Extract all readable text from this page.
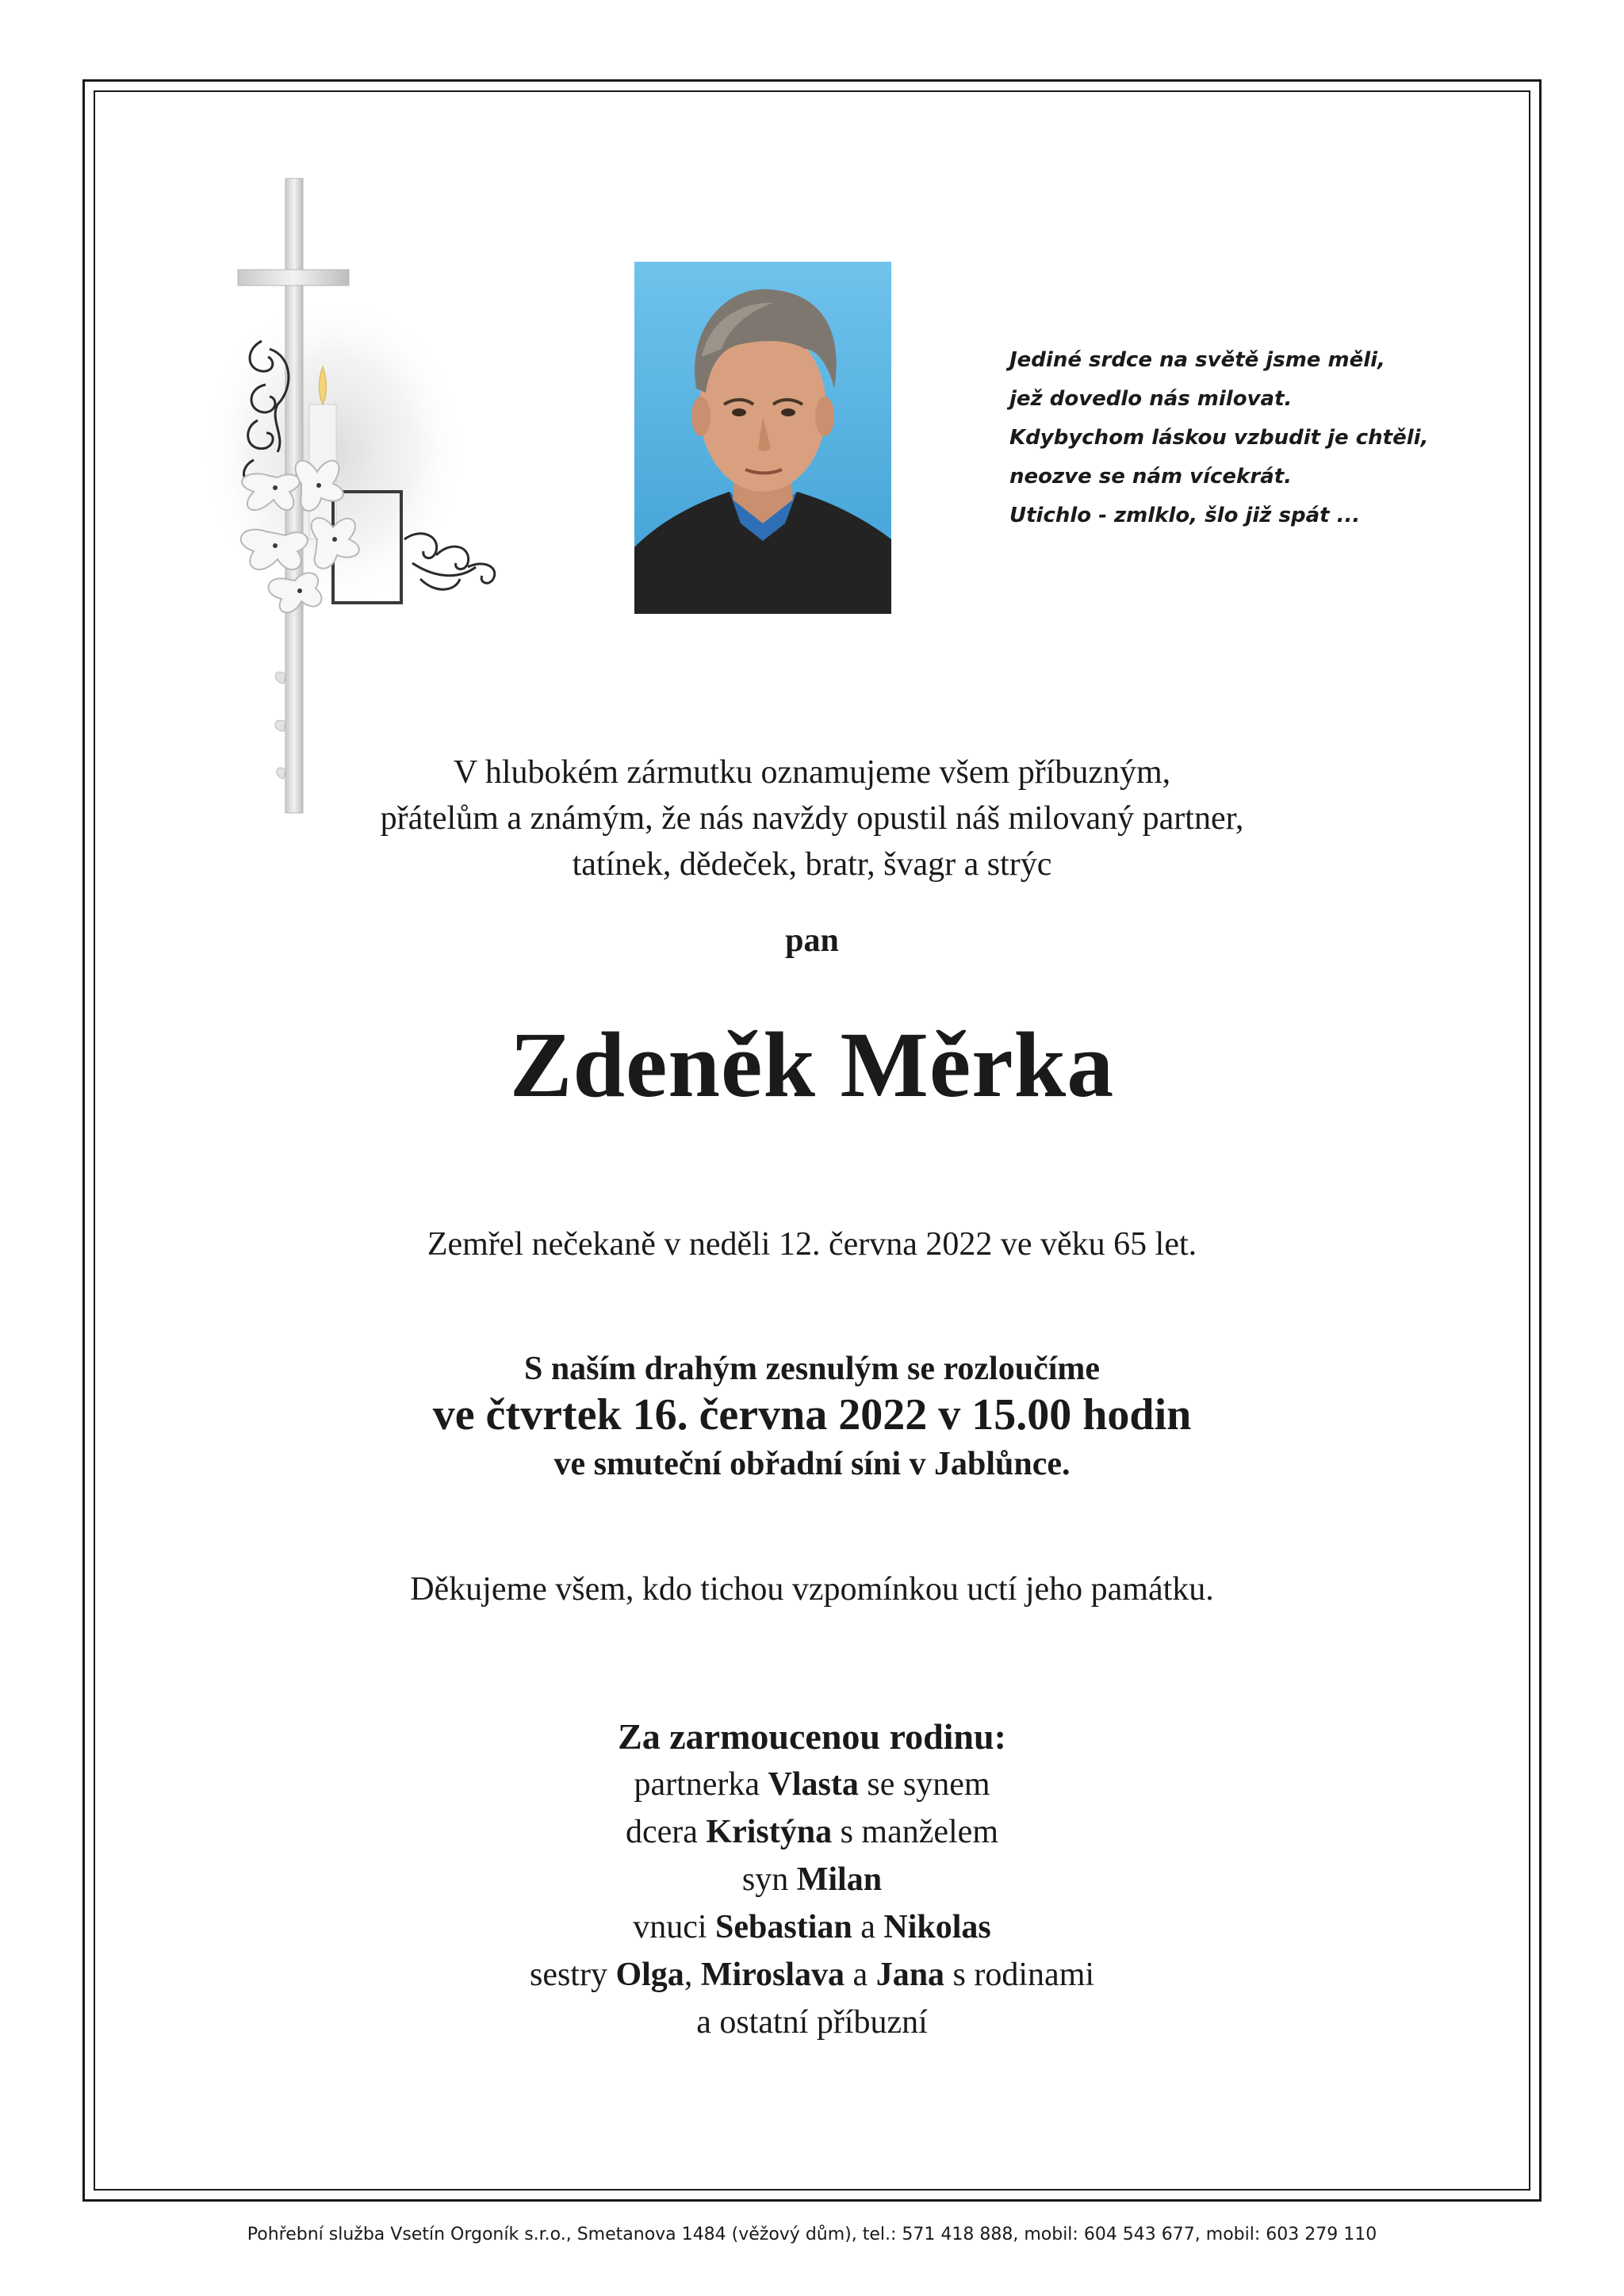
Jediné srdce na světě jsme měli,
jež dovedlo nás milovat.
Kdybychom láskou vzbudit je chtěli,
neozve se nám vícekrát.
Utichlo - zmlklo, šlo již spát ...
V hlubokém zármutku oznamujeme všem příbuzným,
přátelům a známým, že nás navždy opustil náš milovaný partner,
tatínek, dědeček, bratr, švagr a strýc
pan
Zdeněk Měrka
Zemřel nečekaně v neděli 12. června 2022 ve věku 65 let.
S naším drahým zesnulým se rozloučíme
ve čtvrtek 16. června 2022 v 15.00 hodin
ve smuteční obřadní síni v Jablůnce.
Děkujeme všem, kdo tichou vzpomínkou uctí jeho památku.
Za zarmoucenou rodinu:
partnerka Vlasta se synem
dcera Kristýna s manželem
syn Milan
vnuci Sebastian a Nikolas
sestry Olga, Miroslava a Jana s rodinami
a ostatní příbuzní
Pohřební služba Vsetín Orgoník s.r.o., Smetanova 1484 (věžový dům), tel.: 571 418 888, mobil: 604 543 677, mobil: 603 279 110
